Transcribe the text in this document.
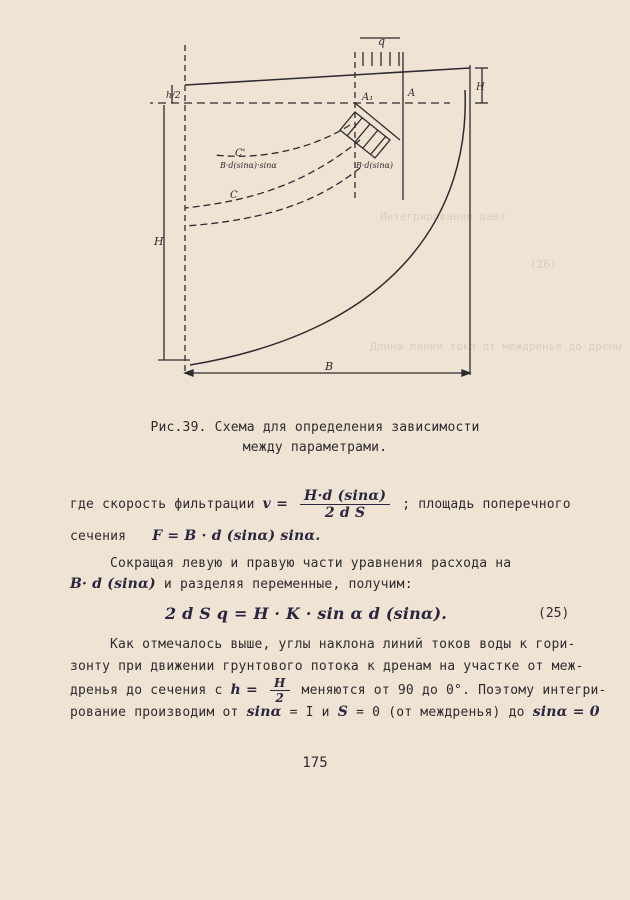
Интегрирование дает
(26)
Длина линии тока от междренья до дрены
q
h/2
H
A₁	A
C'
B·d(sinα)·sinα
C
B·d(sinα)
H
B
Рис.39. Схема для определения зависимости
между параметрами.
где скорость фильтрации $v = \frac{H\cdot d (\sin\alpha)}{\text{2 d S}}$ ; площадь поперечного
сечения F = B · d (sinα) sinα.
Сокращая левую и правую части уравнения расхода на
B· d (sinα) и разделяя переменные, получим:
2 d S q = H · K · sin α d (sinα).	(25)
Как отмечалось выше, углы наклона линий токов воды к гори-
зонту при движении грунтового потока к дренам на участке от меж-
дренья до сечения с $h = \frac{H}{2}$ меняются от 90 до 0°. Поэтому интегри-
рование производим от sinα = I и S = 0 (от междренья) до sinα = 0
175
